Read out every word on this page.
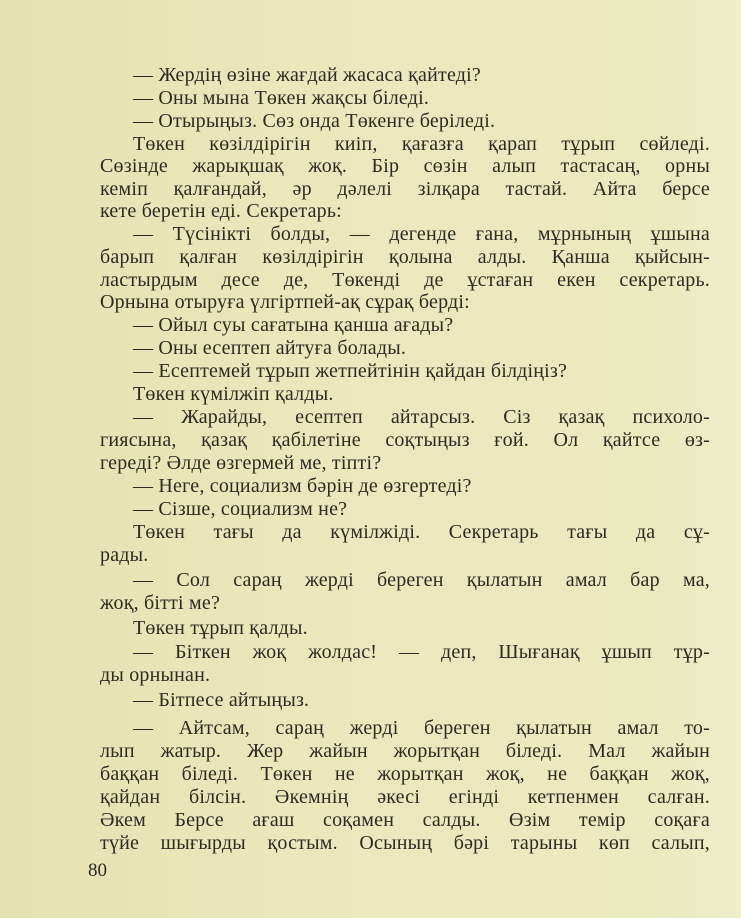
— Жердің өзіне жағдай жасаса қайтеді?
— Оны мына Төкен жақсы біледі.
— Отырыңыз. Сөз онда Төкенге беріледі.
Төкен көзілдірігін киіп, қағазға қарап тұрып сөйледі.
Сөзінде жарықшақ жоқ. Бір сөзін алып тастасаң, орны
кеміп қалғандай, әр дәлелі зілқара тастай. Айта берсе
кете беретін еді. Секретарь:
— Түсінікті болды, — дегенде ғана, мұрнының ұшына
барып қалған көзілдірігін қолына алды. Қанша қыйсын-
ластырдым десе де, Төкенді де ұстаған екен секретарь.
Орнына отыруға үлгіртпей-ақ сұрақ берді:
— Ойыл суы сағатына қанша ағады?
— Оны есептеп айтуға болады.
— Есептемей тұрып жетпейтінін қайдан білдіңіз?
Төкен күмілжіп қалды.
— Жарайды, есептеп айтарсыз. Сіз қазақ психоло-
гиясына, қазақ қабілетіне соқтыңыз ғой. Ол қайтсе өз-
гереді? Әлде өзгермей ме, тіпті?
— Неге, социализм бәрін де өзгертеді?
— Сізше, социализм не?
Төкен тағы да күмілжіді. Секретарь тағы да сұ-
рады.
— Сол сараң жерді береген қылатын амал бар ма,
жоқ, бітті ме?
Төкен тұрып қалды.
— Біткен жоқ жолдас! — деп, Шығанақ ұшып тұр-
ды орнынан.
— Бітпесе айтыңыз.
— Айтсам, сараң жерді береген қылатын амал то-
лып жатыр. Жер жайын жорытқан біледі. Мал жайын
баққан біледі. Төкен не жорытқан жоқ, не баққан жоқ,
қайдан білсін. Әкемнің әкесі егінді кетпенмен салған.
Әкем Берсе ағаш соқамен салды. Өзім темір соқаға
түйе шығырды қостым. Осының бәрі тарыны көп салып,
80
